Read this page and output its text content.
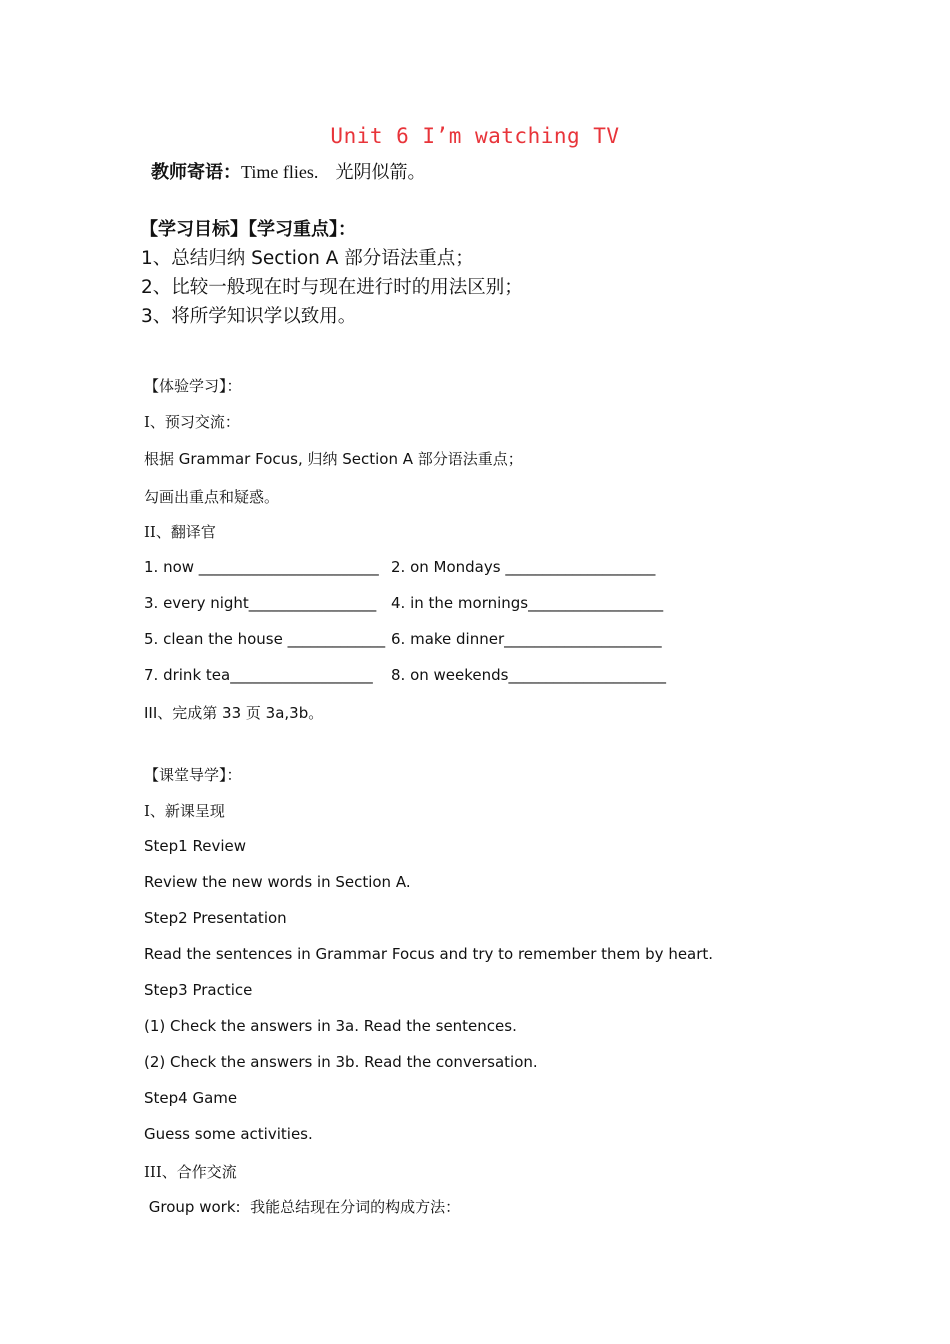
Unit 6 I’m watching TV
教师寄语：Time flies. 光阴似箭。
【学习目标】【学习重点】：
1、总结归纳 Section A 部分语法重点；
2、比较一般现在时与现在进行时的用法区别；
3、将所学知识学以致用。
【体验学习】：
I、预习交流：
根据 Grammar Focus, 归纳 Section A 部分语法重点；
勾画出重点和疑惑。
II、翻译官
1. now ________________________ 2. on Mondays ____________________
3. every night_________________ 4. in the mornings__________________
5. clean the house _____________ 6. make dinner_____________________
7. drink tea___________________ 8. on weekends_____________________
III、完成第 33 页 3a,3b。
【课堂导学】：
I、新课呈现
Step1 Review
Review the new words in Section A.
Step2 Presentation
Read the sentences in Grammar Focus and try to remember them by heart.
Step3 Practice
(1) Check the answers in 3a. Read the sentences.
(2) Check the answers in 3b. Read the conversation.
Step4 Game
Guess some activities.
III、合作交流
Group work:  我能总结现在分词的构成方法：
